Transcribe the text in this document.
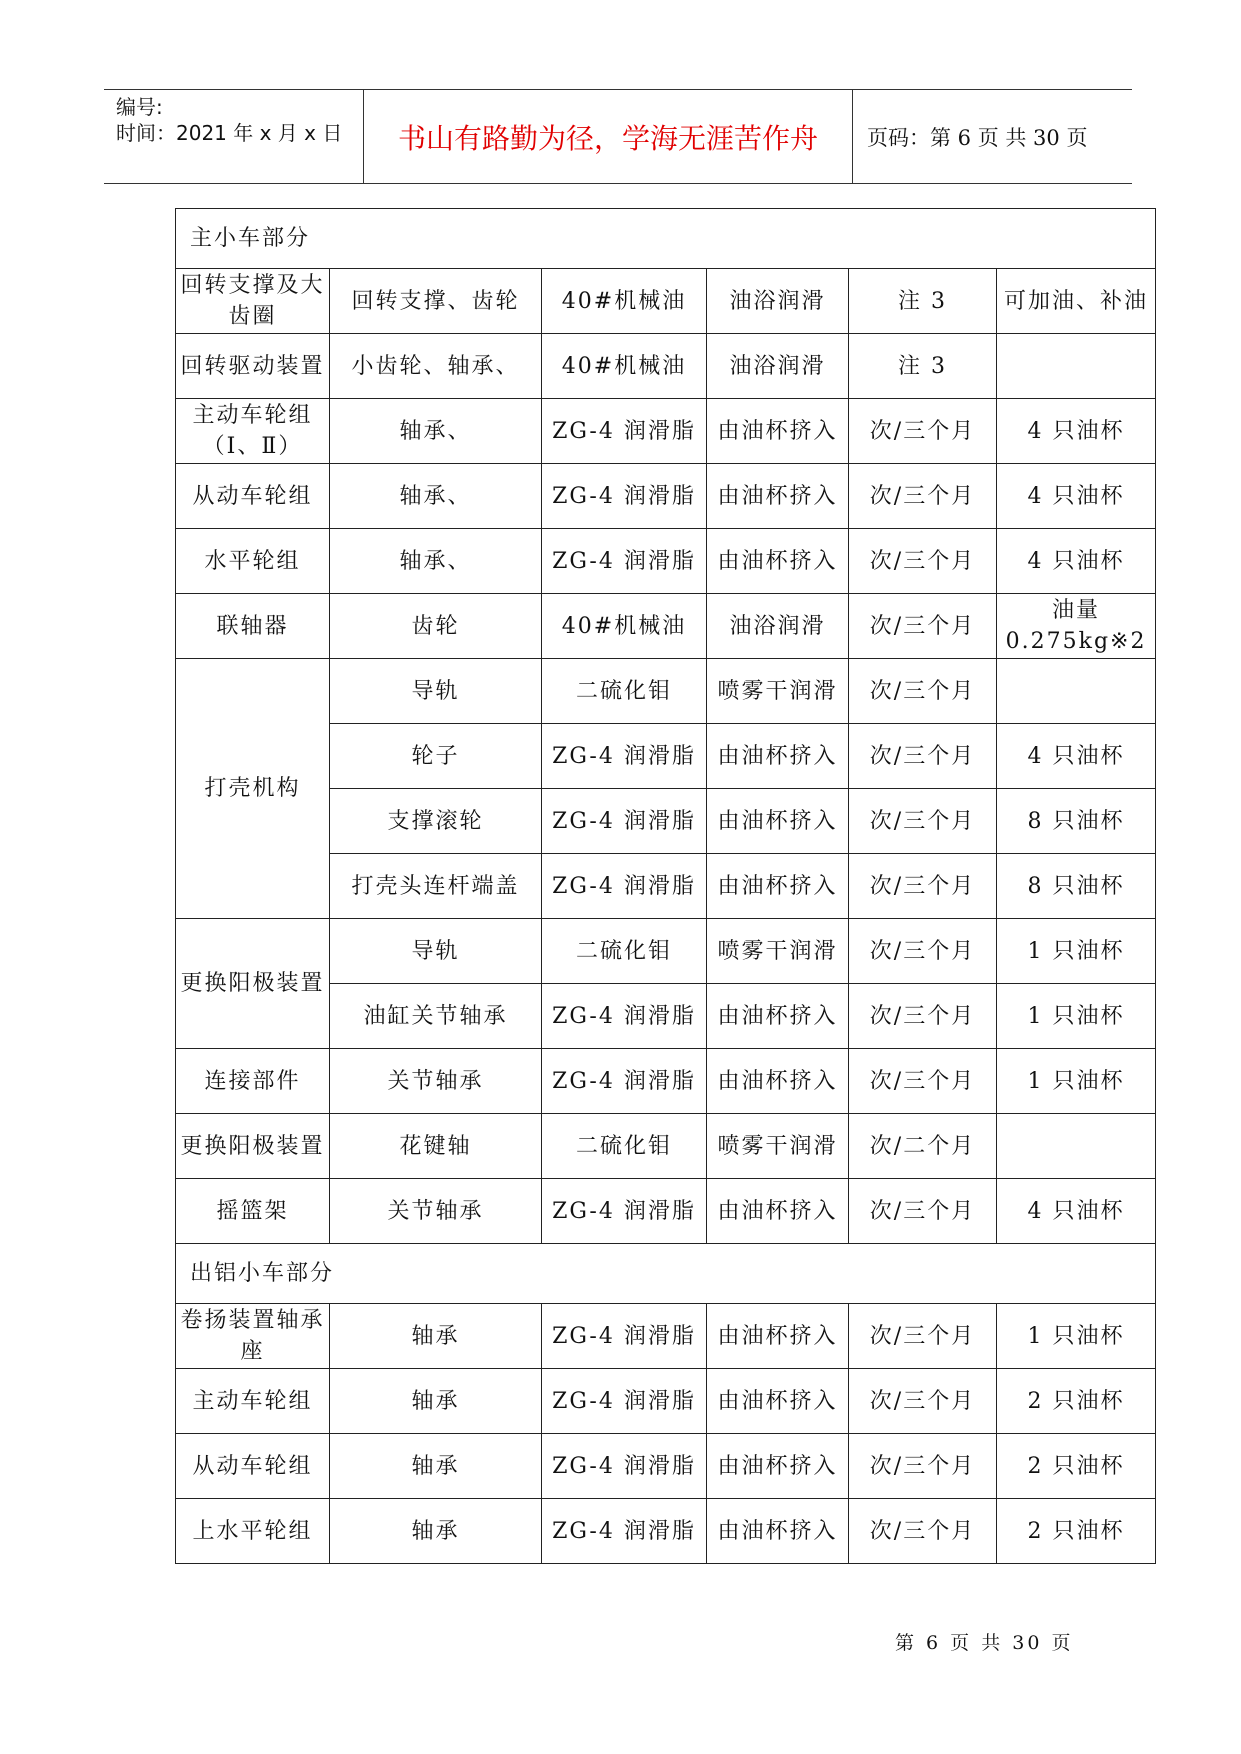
编号:
时间：2021 年 x 月 x 日	书山有路勤为径，学海无涯苦作舟	页码：第 6 页 共 30 页
主小车部分					
回转支撑及大齿圈	回转支撑、齿轮	40#机械油	油浴润滑	注 3	可加油、补油
回转驱动装置	小齿轮、轴承、	40#机械油	油浴润滑	注 3	
主动车轮组（Ⅰ、Ⅱ）	轴承、	ZG-4 润滑脂	由油杯挤入	次/三个月	4 只油杯
从动车轮组	轴承、	ZG-4 润滑脂	由油杯挤入	次/三个月	4 只油杯
水平轮组	轴承、	ZG-4 润滑脂	由油杯挤入	次/三个月	4 只油杯
联轴器	齿轮	40#机械油	油浴润滑	次/三个月	油量 0.275kg※2
打壳机构	导轨	二硫化钼	喷雾干润滑	次/三个月	
	轮子	ZG-4 润滑脂	由油杯挤入	次/三个月	4 只油杯
	支撑滚轮	ZG-4 润滑脂	由油杯挤入	次/三个月	8 只油杯
	打壳头连杆端盖	ZG-4 润滑脂	由油杯挤入	次/三个月	8 只油杯
更换阳极装置	导轨	二硫化钼	喷雾干润滑	次/三个月	1 只油杯
	油缸关节轴承	ZG-4 润滑脂	由油杯挤入	次/三个月	1 只油杯
连接部件	关节轴承	ZG-4 润滑脂	由油杯挤入	次/三个月	1 只油杯
更换阳极装置	花键轴	二硫化钼	喷雾干润滑	次/二个月	
摇篮架	关节轴承	ZG-4 润滑脂	由油杯挤入	次/三个月	4 只油杯
出铝小车部分					
卷扬装置轴承座	轴承	ZG-4 润滑脂	由油杯挤入	次/三个月	1 只油杯
主动车轮组	轴承	ZG-4 润滑脂	由油杯挤入	次/三个月	2 只油杯
从动车轮组	轴承	ZG-4 润滑脂	由油杯挤入	次/三个月	2 只油杯
上水平轮组	轴承	ZG-4 润滑脂	由油杯挤入	次/三个月	2 只油杯
第 6 页 共 30 页
